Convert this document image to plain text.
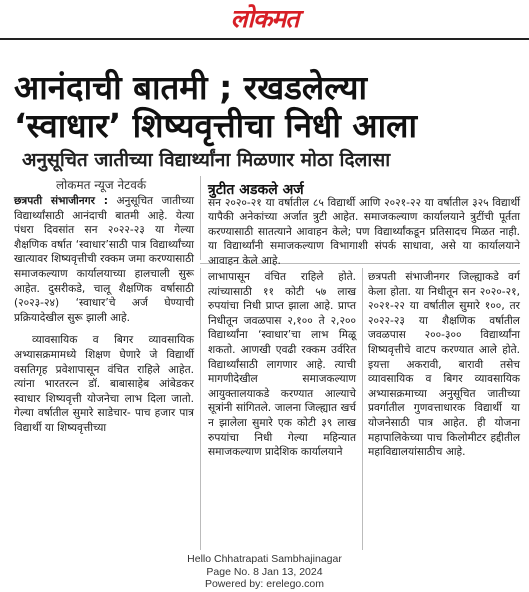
लोकमत
आनंदाची बातमी ; रखडलेल्या
‘स्वाधार’ शिष्यवृत्तीचा निधी आला
अनुसूचित जातीच्या विद्यार्थ्यांना मिळणार मोठा दिलासा
लोकमत न्यूज नेटवर्क	त्रुटीत अडकले अर्ज
सन २०२०-२१ या वर्षातील ८५ विद्यार्थी आणि २०२१-२२ या वर्षातील ३२५ विद्यार्थी यापैकी अनेकांच्या अर्जात त्रुटी आहेत. समाजकल्याण कार्यालयाने त्रुटींची पूर्तता करण्यासाठी सातत्याने आवाहन केले; पण विद्यार्थ्यांकडून प्रतिसादच मिळत नाही. या विद्यार्थ्यांनी समाजकल्याण विभागाशी संपर्क साधावा, असे या कार्यालयाने आवाहन केले आहे.

छत्रपती संभाजीनगर : अनुसूचित जातीच्या विद्यार्थ्यांसाठी आनंदाची बातमी आहे. येत्या पंधरा दिवसांत सन २०२२-२३ या गेल्या शैक्षणिक वर्षात ‘स्वाधार’साठी पात्र विद्यार्थ्यांच्या खात्यावर शिष्यवृत्तीची रक्कम जमा करण्यासाठी समाजकल्याण कार्यालयाच्या हालचाली सुरू आहेत. दुसरीकडे, चालू शैक्षणिक वर्षासाठी (२०२३-२४) ‘स्वाधार’चे अर्ज घेण्याची प्रक्रियादेखील सुरू झाली आहे.

व्यावसायिक व बिगर व्यावसायिक अभ्यासक्रमामध्ये शिक्षण घेणारे जे विद्यार्थी वसतिगृह प्रवेशापासून वंचित राहिले आहेत. त्यांना भारतरत्न डॉ. बाबासाहेब आंबेडकर स्वाधार शिष्यवृत्ती योजनेचा लाभ दिला जातो. गेल्या वर्षातील सुमारे साडेचार- पाच हजार पात्र विद्यार्थी या शिष्यवृत्तीच्या

लाभापासून वंचित राहिले होते. त्यांच्यासाठी ११ कोटी ५७ लाख रुपयांचा निधी प्राप्त झाला आहे. प्राप्त निधीतून जवळपास २,१०० ते २,२०० विद्यार्थ्यांना ‘स्वाधार’चा लाभ मिळू शकतो. आणखी एवढी रक्कम उर्वरित विद्यार्थ्यांसाठी लागणार आहे. त्याची मागणीदेखील समाजकल्याण आयुक्तालयाकडे करण्यात आल्याचे सूत्रांनी सांगितले. जालना जिल्ह्यात खर्च न झालेला सुमारे एक कोटी ३९ लाख रुपयांचा निधी गेल्या महिन्यात समाजकल्याण प्रादेशिक कार्यालयाने

छत्रपती संभाजीनगर जिल्ह्याकडे वर्ग केला होता. या निधीतून सन २०२०-२१, २०२१-२२ या वर्षातील सुमारे १००, तर २०२२-२३ या शैक्षणिक वर्षातील जवळपास २००-३०० विद्यार्थ्यांना शिष्यवृत्तीचे वाटप करण्यात आले होते. इयत्ता अकरावी, बारावी तसेच व्यावसायिक व बिगर व्यावसायिक अभ्यासक्रमाच्या अनुसूचित जातीच्या प्रवर्गातील गुणवत्ताधारक विद्यार्थी या योजनेसाठी पात्र आहेत. ही योजना महापालिकेच्या पाच किलोमीटर हद्दीतील महाविद्यालयांसाठीच आहे.

Hello Chhatrapati Sambhajinagar
Page No. 8 Jan 13, 2024
Powered by: erelego.com
